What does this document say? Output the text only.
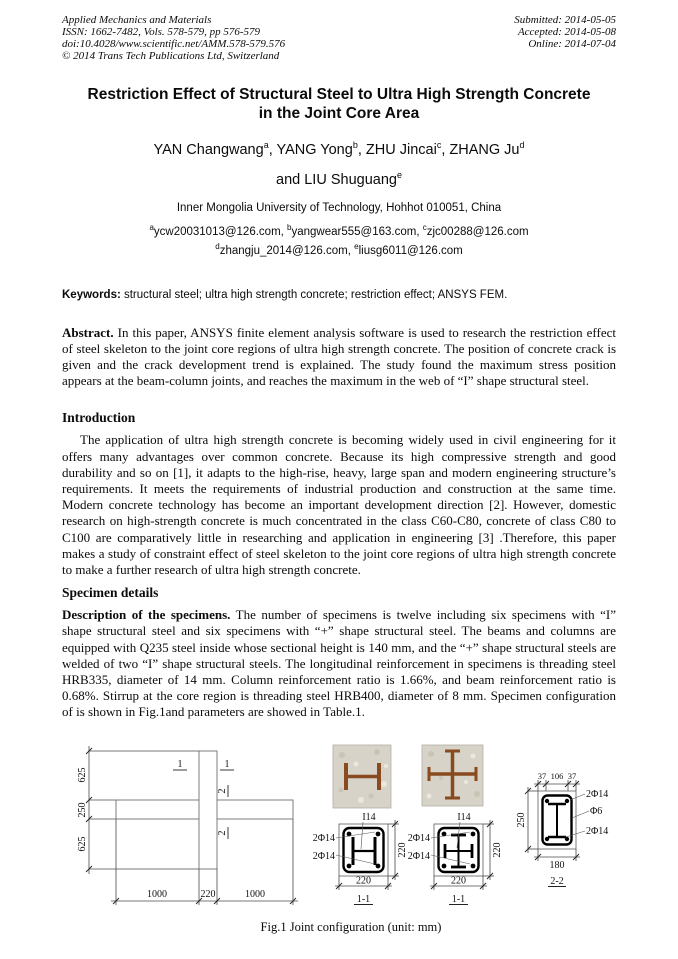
Applied Mechanics and Materials
ISSN: 1662-7482, Vols. 578-579, pp 576-579
doi:10.4028/www.scientific.net/AMM.578-579.576
© 2014 Trans Tech Publications Ltd, Switzerland
Submitted: 2014-05-05
Accepted: 2014-05-08
Online: 2014-07-04
Restriction Effect of Structural Steel to Ultra High Strength Concrete
in the Joint Core Area
YAN Changwang$^a$, YANG Yong$^b$, ZHU Jincai$^c$, ZHANG Ju$^d$
and LIU Shuguang$^e$
Inner Mongolia University of Technology, Hohhot 010051, China
$^a$ycw20031013@126.com, $^b$yangwear555@163.com, $^c$zjc00288@126.com
$^d$zhangju_2014@126.com, $^e$liusg6011@126.com
Keywords: structural steel; ultra high strength concrete; restriction effect; ANSYS FEM.
Abstract. In this paper, ANSYS finite element analysis software is used to research the restriction effect of steel skeleton to the joint core regions of ultra high strength concrete. The position of concrete crack is given and the crack development trend is explained. The study found the maximum stress position appears at the beam-column joints, and reaches the maximum in the web of “I” shape structural steel.
Introduction
The application of ultra high strength concrete is becoming widely used in civil engineering for it offers many advantages over common concrete. Because its high compressive strength and good durability and so on [1], it adapts to the high-rise, heavy, large span and modern engineering structure’s requirements. It meets the requirements of industrial production and construction at the same time. Modern concrete technology has become an important development direction [2]. However, domestic research on high-strength concrete is much concentrated in the class C60-C80, concrete of class C80 to C100 are comparatively little in researching and application in engineering [3] .Therefore, this paper makes a study of constraint effect of steel skeleton to the joint core regions of ultra high strength concrete to make a further research of ultra high strength concrete.
Specimen details
Description of the specimens. The number of specimens is twelve including six specimens with “I” shape structural steel and six specimens with “+” shape structural steel. The beams and columns are equipped with Q235 steel inside whose sectional height is 140 mm, and the “+” shape structural steels are welded of two “I” shape structural steels. The longitudinal reinforcement in specimens is threading steel HRB335, diameter of 14 mm. Column reinforcement ratio is 1.66%, and beam reinforcement ratio is 0.68%. Stirrup at the core region is threading steel HRB400, diameter of 8 mm. Specimen configuration of is shown in Fig.1and parameters are showed in Table.1.
625
250
625
1000	220	1000
1	1
2
2
I14
2Φ14
2Φ14
220
220
1-1
I14
2Φ14
2Φ14
220
220
1-1
37 106 37
250
180
2Φ14
Φ6
2Φ14
2-2
Fig.1 Joint configuration (unit: mm)
